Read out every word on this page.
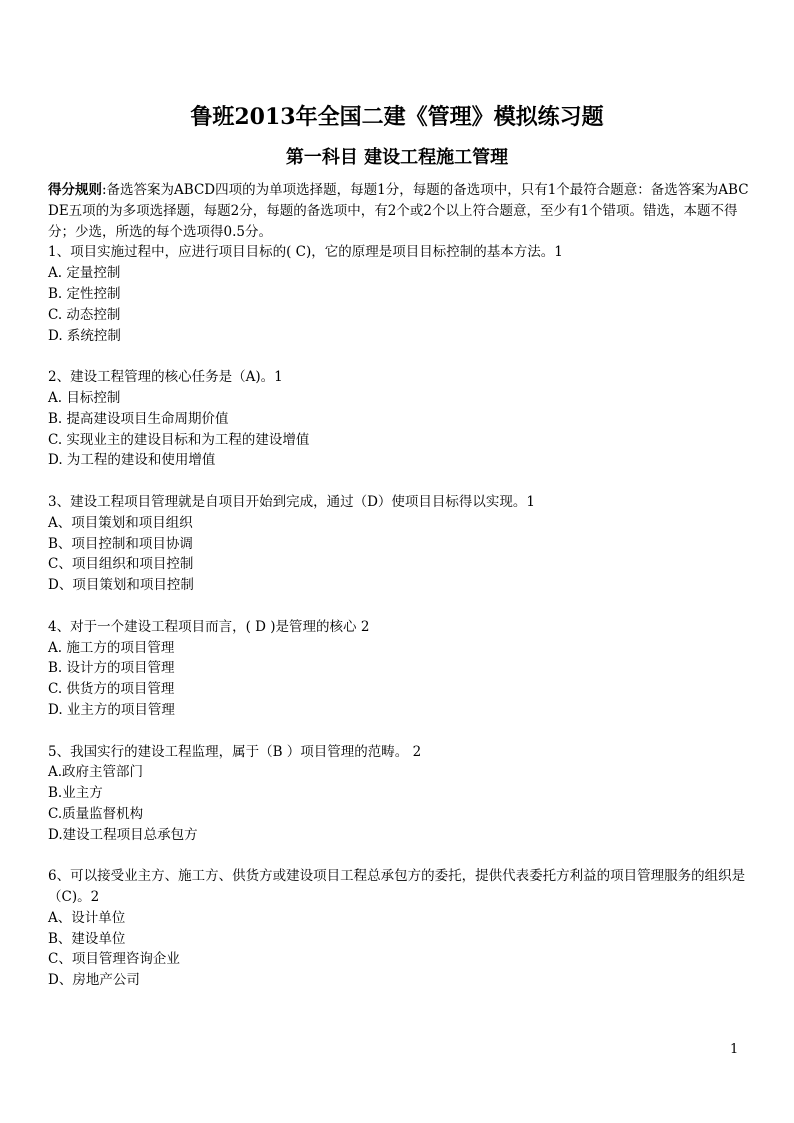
鲁班2013年全国二建《管理》模拟练习题
第一科目 建设工程施工管理

得分规则:备选答案为ABCD四项的为单项选择题，每题1分，每题的备选项中，只有1个最符合题意：备选答案为ABCDE五项的为多项选择题，每题2分，每题的备选项中，有2个或2个以上符合题意，至少有1个错项。错选，本题不得分；少选，所选的每个选项得0.5分。

1、项目实施过程中，应进行项目目标的( C)，它的原理是项目目标控制的基本方法。1

A. 定量控制

B. 定性控制

C. 动态控制

D. 系统控制

2、建设工程管理的核心任务是（A)。1

A. 目标控制

B. 提高建设项目生命周期价值

C. 实现业主的建设目标和为工程的建设增值

D. 为工程的建设和使用增值

3、建设工程项目管理就是自项目开始到完成，通过（D）使项目目标得以实现。1

A、项目策划和项目组织

B、项目控制和项目协调

C、项目组织和项目控制

D、项目策划和项目控制

4、对于一个建设工程项目而言，( D )是管理的核心 2

A. 施工方的项目管理

B. 设计方的项目管理

C. 供货方的项目管理

D. 业主方的项目管理

5、我国实行的建设工程监理，属于（B ）项目管理的范畴。 2

A.政府主管部门

B.业主方

C.质量监督机构

D.建设工程项目总承包方

6、可以接受业主方、施工方、供货方或建设项目工程总承包方的委托，提供代表委托方利益的项目管理服务的组织是（C)。2

A、设计单位

B、建设单位

C、项目管理咨询企业

D、房地产公司

1
